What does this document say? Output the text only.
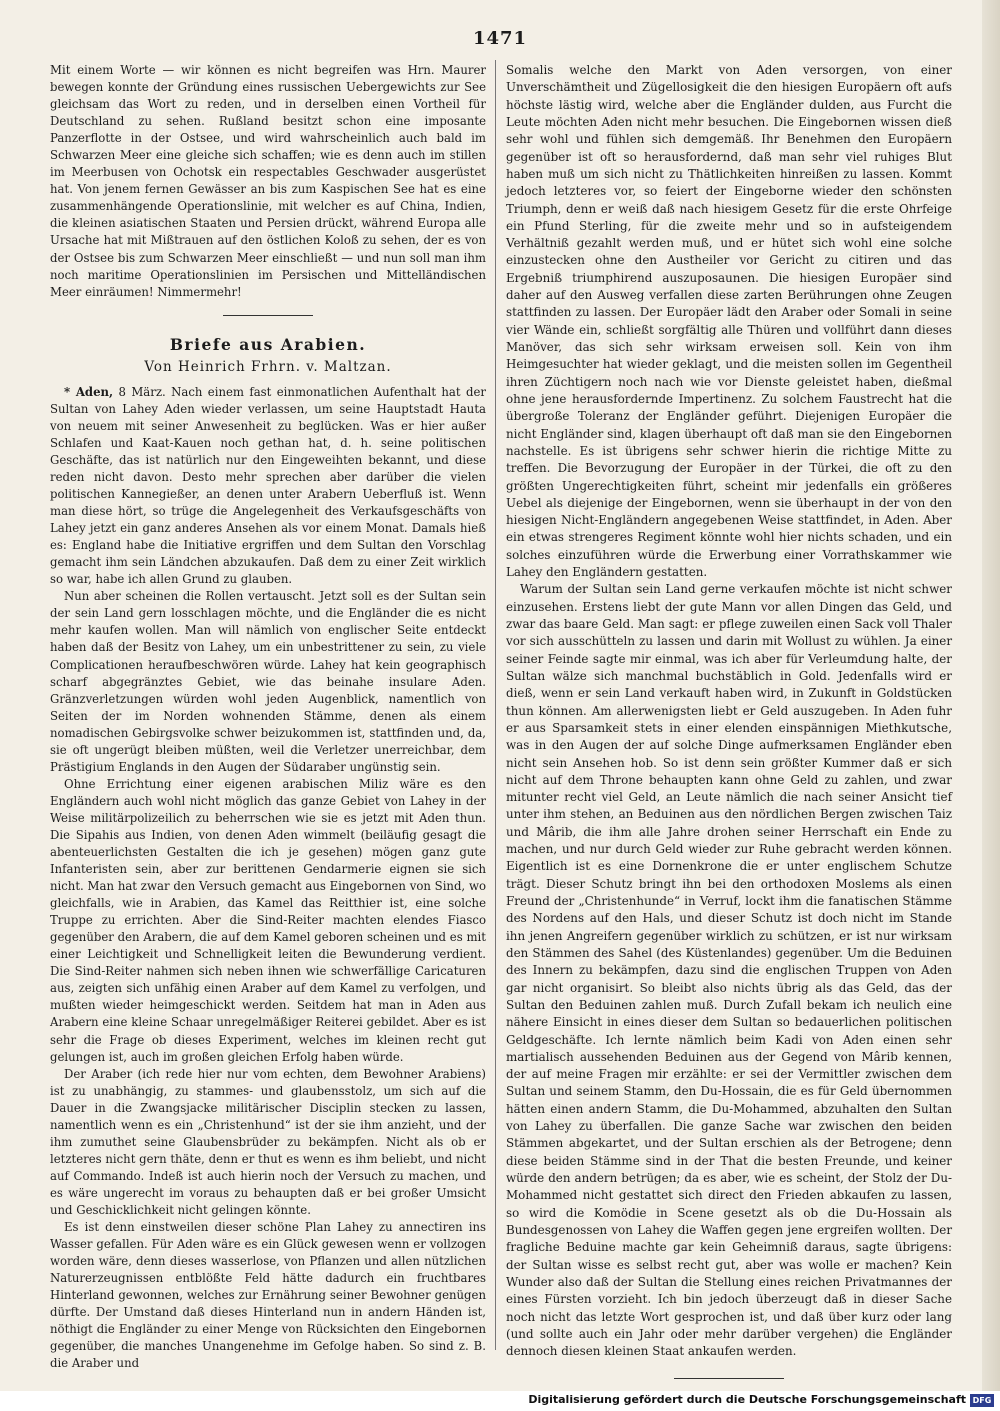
1471

Mit einem Worte — wir können es nicht begreifen was Hrn. Maurer bewegen konnte der Gründung eines russischen Uebergewichts zur See gleichsam das Wort zu reden, und in derselben einen Vortheil für Deutschland zu sehen. Rußland besitzt schon eine imposante Panzerflotte in der Ostsee, und wird wahrscheinlich auch bald im Schwarzen Meer eine gleiche sich schaffen; wie es denn auch im stillen im Meerbusen von Ochotsk ein respectables Geschwader ausgerüstet hat. Von jenem fernen Gewässer an bis zum Kaspischen See hat es eine zusammenhängende Operationslinie, mit welcher es auf China, Indien, die kleinen asiatischen Staaten und Persien drückt, während Europa alle Ursache hat mit Mißtrauen auf den östlichen Koloß zu sehen, der es von der Ostsee bis zum Schwarzen Meer einschließt — und nun soll man ihm noch maritime Operationslinien im Persischen und Mittelländischen Meer einräumen! Nimmermehr!

Briefe aus Arabien.
Von Heinrich Frhrn. v. Maltzan.

* Aden, 8 März. Nach einem fast einmonatlichen Aufenthalt hat der Sultan von Lahey Aden wieder verlassen, um seine Hauptstadt Hauta von neuem mit seiner Anwesenheit zu beglücken. Was er hier außer Schlafen und Kaat-Kauen noch gethan hat, d. h. seine politischen Geschäfte, das ist natürlich nur den Eingeweihten bekannt, und diese reden nicht davon. Desto mehr sprechen aber darüber die vielen politischen Kannegießer, an denen unter Arabern Ueberfluß ist. Wenn man diese hört, so trüge die Angelegenheit des Verkaufsgeschäfts von Lahey jetzt ein ganz anderes Ansehen als vor einem Monat. Damals hieß es: England habe die Initiative ergriffen und dem Sultan den Vorschlag gemacht ihm sein Ländchen abzukaufen. Daß dem zu einer Zeit wirklich so war, habe ich allen Grund zu glauben.

Nun aber scheinen die Rollen vertauscht. Jetzt soll es der Sultan sein der sein Land gern losschlagen möchte, und die Engländer die es nicht mehr kaufen wollen. Man will nämlich von englischer Seite entdeckt haben daß der Besitz von Lahey, um ein unbestrittener zu sein, zu viele Complicationen heraufbeschwören würde. Lahey hat kein geographisch scharf abgegränztes Gebiet, wie das beinahe insulare Aden. Gränzverletzungen würden wohl jeden Augenblick, namentlich von Seiten der im Norden wohnenden Stämme, denen als einem nomadischen Gebirgsvolke schwer beizukommen ist, stattfinden und, da, sie oft ungerügt bleiben müßten, weil die Verletzer unerreichbar, dem Prästigium Englands in den Augen der Südaraber ungünstig sein.

Ohne Errichtung einer eigenen arabischen Miliz wäre es den Engländern auch wohl nicht möglich das ganze Gebiet von Lahey in der Weise militärpolizeilich zu beherrschen wie sie es jetzt mit Aden thun. Die Sipahis aus Indien, von denen Aden wimmelt (beiläufig gesagt die abenteuerlichsten Gestalten die ich je gesehen) mögen ganz gute Infanteristen sein, aber zur berittenen Gendarmerie eignen sie sich nicht. Man hat zwar den Versuch gemacht aus Eingebornen von Sind, wo gleichfalls, wie in Arabien, das Kamel das Reitthier ist, eine solche Truppe zu errichten. Aber die Sind-Reiter machten elendes Fiasco gegenüber den Arabern, die auf dem Kamel geboren scheinen und es mit einer Leichtigkeit und Schnelligkeit leiten die Bewunderung verdient. Die Sind-Reiter nahmen sich neben ihnen wie schwerfällige Caricaturen aus, zeigten sich unfähig einen Araber auf dem Kamel zu verfolgen, und mußten wieder heimgeschickt werden. Seitdem hat man in Aden aus Arabern eine kleine Schaar unregelmäßiger Reiterei gebildet. Aber es ist sehr die Frage ob dieses Experiment, welches im kleinen recht gut gelungen ist, auch im großen gleichen Erfolg haben würde.

Der Araber (ich rede hier nur vom echten, dem Bewohner Arabiens) ist zu unabhängig, zu stammes- und glaubensstolz, um sich auf die Dauer in die Zwangsjacke militärischer Disciplin stecken zu lassen, namentlich wenn es ein „Christenhund“ ist der sie ihm anzieht, und der ihm zumuthet seine Glaubensbrüder zu bekämpfen. Nicht als ob er letzteres nicht gern thäte, denn er thut es wenn es ihm beliebt, und nicht auf Commando. Indeß ist auch hierin noch der Versuch zu machen, und es wäre ungerecht im voraus zu behaupten daß er bei großer Umsicht und Geschicklichkeit nicht gelingen könnte.

Es ist denn einstweilen dieser schöne Plan Lahey zu annectiren ins Wasser gefallen. Für Aden wäre es ein Glück gewesen wenn er vollzogen worden wäre, denn dieses wasserlose, von Pflanzen und allen nützlichen Naturerzeugnissen entblößte Feld hätte dadurch ein fruchtbares Hinterland gewonnen, welches zur Ernährung seiner Bewohner genügen dürfte. Der Umstand daß dieses Hinterland nun in andern Händen ist, nöthigt die Engländer zu einer Menge von Rücksichten den Eingebornen gegenüber, die manches Unangenehme im Gefolge haben. So sind z. B. die Araber und

Somalis welche den Markt von Aden versorgen, von einer Unverschämtheit und Zügellosigkeit die den hiesigen Europäern oft aufs höchste lästig wird, welche aber die Engländer dulden, aus Furcht die Leute möchten Aden nicht mehr besuchen. Die Eingebornen wissen dieß sehr wohl und fühlen sich demgemäß. Ihr Benehmen den Europäern gegenüber ist oft so herausfordernd, daß man sehr viel ruhiges Blut haben muß um sich nicht zu Thätlichkeiten hinreißen zu lassen. Kommt jedoch letzteres vor, so feiert der Eingeborne wieder den schönsten Triumph, denn er weiß daß nach hiesigem Gesetz für die erste Ohrfeige ein Pfund Sterling, für die zweite mehr und so in aufsteigendem Verhältniß gezahlt werden muß, und er hütet sich wohl eine solche einzustecken ohne den Austheiler vor Gericht zu citiren und das Ergebniß triumphirend auszuposaunen. Die hiesigen Europäer sind daher auf den Ausweg verfallen diese zarten Berührungen ohne Zeugen stattfinden zu lassen. Der Europäer lädt den Araber oder Somali in seine vier Wände ein, schließt sorgfältig alle Thüren und vollführt dann dieses Manöver, das sich sehr wirksam erweisen soll. Kein von ihm Heimgesuchter hat wieder geklagt, und die meisten sollen im Gegentheil ihren Züchtigern noch nach wie vor Dienste geleistet haben, dießmal ohne jene herausfordernde Impertinenz. Zu solchem Faustrecht hat die übergroße Toleranz der Engländer geführt. Diejenigen Europäer die nicht Engländer sind, klagen überhaupt oft daß man sie den Eingebornen nachstelle. Es ist übrigens sehr schwer hierin die richtige Mitte zu treffen. Die Bevorzugung der Europäer in der Türkei, die oft zu den größten Ungerechtigkeiten führt, scheint mir jedenfalls ein größeres Uebel als diejenige der Eingebornen, wenn sie überhaupt in der von den hiesigen Nicht-Engländern angegebenen Weise stattfindet, in Aden. Aber ein etwas strengeres Regiment könnte wohl hier nichts schaden, und ein solches einzuführen würde die Erwerbung einer Vorrathskammer wie Lahey den Engländern gestatten.

Warum der Sultan sein Land gerne verkaufen möchte ist nicht schwer einzusehen. Erstens liebt der gute Mann vor allen Dingen das Geld, und zwar das baare Geld. Man sagt: er pflege zuweilen einen Sack voll Thaler vor sich ausschütteln zu lassen und darin mit Wollust zu wühlen. Ja einer seiner Feinde sagte mir einmal, was ich aber für Verleumdung halte, der Sultan wälze sich manchmal buchstäblich in Gold. Jedenfalls wird er dieß, wenn er sein Land verkauft haben wird, in Zukunft in Goldstücken thun können. Am allerwenigsten liebt er Geld auszugeben. In Aden fuhr er aus Sparsamkeit stets in einer elenden einspännigen Miethkutsche, was in den Augen der auf solche Dinge aufmerksamen Engländer eben nicht sein Ansehen hob. So ist denn sein größter Kummer daß er sich nicht auf dem Throne behaupten kann ohne Geld zu zahlen, und zwar mitunter recht viel Geld, an Leute nämlich die nach seiner Ansicht tief unter ihm stehen, an Beduinen aus den nördlichen Bergen zwischen Taiz und Mârib, die ihm alle Jahre drohen seiner Herrschaft ein Ende zu machen, und nur durch Geld wieder zur Ruhe gebracht werden können. Eigentlich ist es eine Dornenkrone die er unter englischem Schutze trägt. Dieser Schutz bringt ihn bei den orthodoxen Moslems als einen Freund der „Christenhunde“ in Verruf, lockt ihm die fanatischen Stämme des Nordens auf den Hals, und dieser Schutz ist doch nicht im Stande ihn jenen Angreifern gegenüber wirklich zu schützen, er ist nur wirksam den Stämmen des Sahel (des Küstenlandes) gegenüber. Um die Beduinen des Innern zu bekämpfen, dazu sind die englischen Truppen von Aden gar nicht organisirt. So bleibt also nichts übrig als das Geld, das der Sultan den Beduinen zahlen muß. Durch Zufall bekam ich neulich eine nähere Einsicht in eines dieser dem Sultan so bedauerlichen politischen Geldgeschäfte. Ich lernte nämlich beim Kadi von Aden einen sehr martialisch aussehenden Beduinen aus der Gegend von Mârib kennen, der auf meine Fragen mir erzählte: er sei der Vermittler zwischen dem Sultan und seinem Stamm, den Du-Hossain, die es für Geld übernommen hätten einen andern Stamm, die Du-Mohammed, abzuhalten den Sultan von Lahey zu überfallen. Die ganze Sache war zwischen den beiden Stämmen abgekartet, und der Sultan erschien als der Betrogene; denn diese beiden Stämme sind in der That die besten Freunde, und keiner würde den andern betrügen; da es aber, wie es scheint, der Stolz der Du-Mohammed nicht gestattet sich direct den Frieden abkaufen zu lassen, so wird die Komödie in Scene gesetzt als ob die Du-Hossain als Bundesgenossen von Lahey die Waffen gegen jene ergreifen wollten. Der fragliche Beduine machte gar kein Geheimniß daraus, sagte übrigens: der Sultan wisse es selbst recht gut, aber was wolle er machen? Kein Wunder also daß der Sultan die Stellung eines reichen Privatmannes der eines Fürsten vorzieht. Ich bin jedoch überzeugt daß in dieser Sache noch nicht das letzte Wort gesprochen ist, und daß über kurz oder lang (und sollte auch ein Jahr oder mehr darüber vergehen) die Engländer dennoch diesen kleinen Staat ankaufen werden.

Digitalisierung gefördert durch die Deutsche Forschungsgemeinschaft DFG
